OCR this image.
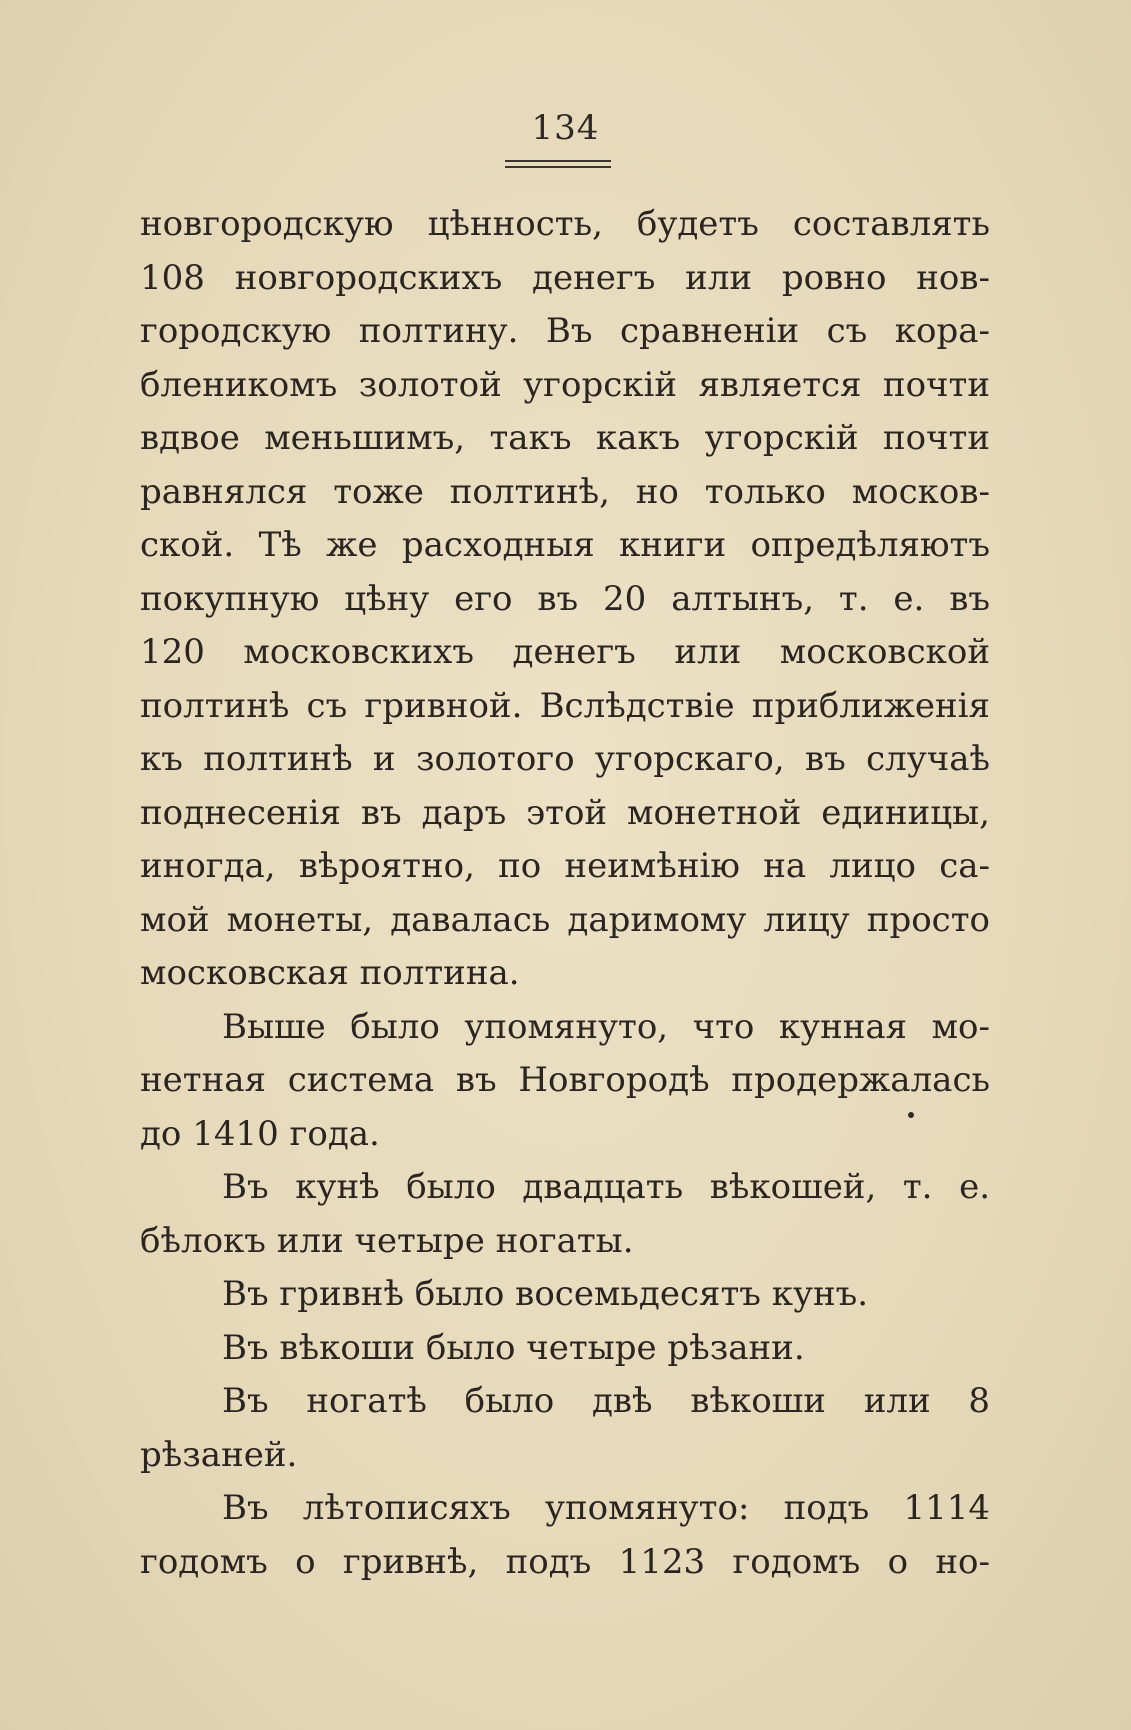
134
новгородскую цѣнность, будетъ составлять
108 новгородскихъ денегъ или ровно нов-
городскую полтину. Въ сравненіи съ кора-
бленикомъ золотой угорскій является почти
вдвое меньшимъ, такъ какъ угорскій почти
равнялся тоже полтинѣ, но только москов-
ской. Тѣ же расходныя книги опредѣляютъ
покупную цѣну его въ 20 алтынъ, т. е. въ
120 московскихъ денегъ или московской
полтинѣ съ гривной. Вслѣдствіе приближенія
къ полтинѣ и золотого угорскаго, въ случаѣ
поднесенія въ даръ этой монетной единицы,
иногда, вѣроятно, по неимѣнію на лицо са-
мой монеты, давалась даримому лицу просто
московская полтина.
Выше было упомянуто, что кунная мо-
нетная система въ Новгородѣ продержалась
до 1410 года.
Въ кунѣ было двадцать вѣкошей, т. е.
бѣлокъ или четыре ногаты.
Въ гривнѣ было восемьдесятъ кунъ.
Въ вѣкоши было четыре рѣзани.
Въ ногатѣ было двѣ вѣкоши или 8
рѣзаней.
Въ лѣтописяхъ упомянуто: подъ 1114
годомъ о гривнѣ, подъ 1123 годомъ о но-
